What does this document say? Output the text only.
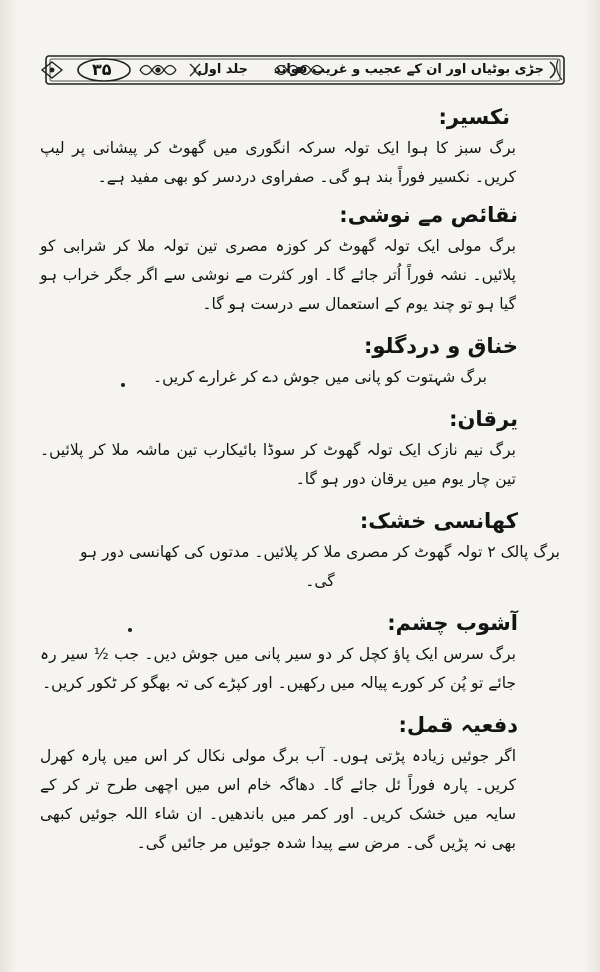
۳۵	جلد اول جڑی بوٹیاں اور ان کے عجیب و غریب فوائد
نکسیر:

برگ سبز کا ہوا ایک تولہ سرکہ انگوری میں گھوٹ کر پیشانی پر لیپ کریں۔ نکسیر فوراً بند ہو گی۔ صفراوی دردسر کو بھی مفید ہے۔

نقائص مے نوشی:

برگ مولی ایک تولہ گھوٹ کر کوزہ مصری تین تولہ ملا کر شرابی کو پلائیں۔ نشہ فوراً اُتر جائے گا۔ اور کثرت مے نوشی سے اگر جگر خراب ہو گیا ہو تو چند یوم کے استعمال سے درست ہو گا۔

خناق و دردگلو:

برگ شہتوت کو پانی میں جوش دے کر غرارے کریں۔

یرقان:

برگ نیم نازک ایک تولہ گھوٹ کر سوڈا بائیکارب تین ماشہ ملا کر پلائیں۔ تین چار یوم میں یرقان دور ہو گا۔

کھانسی خشک:

برگ پالک ۲ تولہ گھوٹ کر مصری ملا کر پلائیں۔ مدتوں کی کھانسی دور ہو گی۔

آشوب چشم:

برگ سرس ایک پاؤ کچل کر دو سیر پانی میں جوش دیں۔ جب ½ سیر رہ جائے تو پُن کر کورے پیالہ میں رکھیں۔ اور کپڑے کی تہ بھگو کر ٹکور کریں۔

دفعیہ قمل:

اگر جوئیں زیادہ پڑتی ہوں۔ آب برگ مولی نکال کر اس میں پارہ کھرل کریں۔ پارہ فوراً ئل جائے گا۔ دھاگہ خام اس میں اچھی طرح تر کر کے سایہ میں خشک کریں۔ اور کمر میں باندھیں۔ ان شاء اللہ جوئیں کبھی بھی نہ پڑیں گی۔ مرض سے پیدا شدہ جوئیں مر جائیں گی۔
